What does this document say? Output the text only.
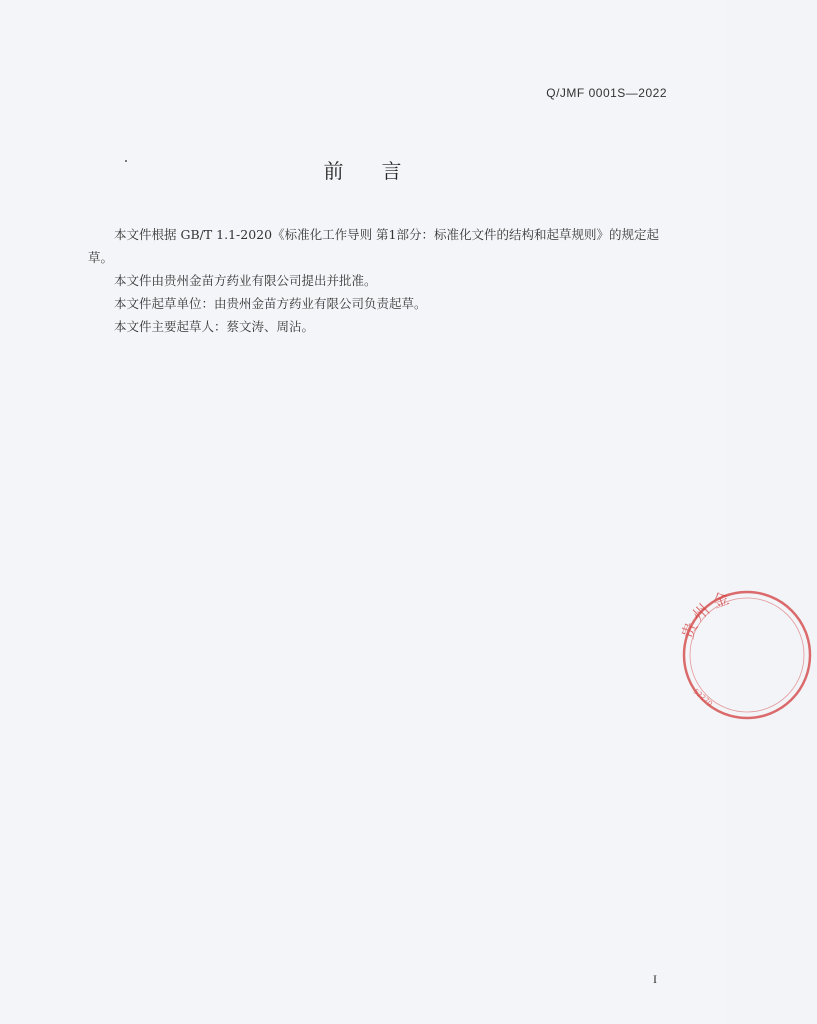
Q/JMF 0001S—2022
前 言

本文件根据 GB/T 1.1-2020《标准化工作导则 第1部分：标准化文件的结构和起草规则》的规定起草。

本文件由贵州金苗方药业有限公司提出并批准。

本文件起草单位：由贵州金苗方药业有限公司负责起草。

本文件主要起草人：蔡文涛、周沾。

贵
州
金
52270
I
